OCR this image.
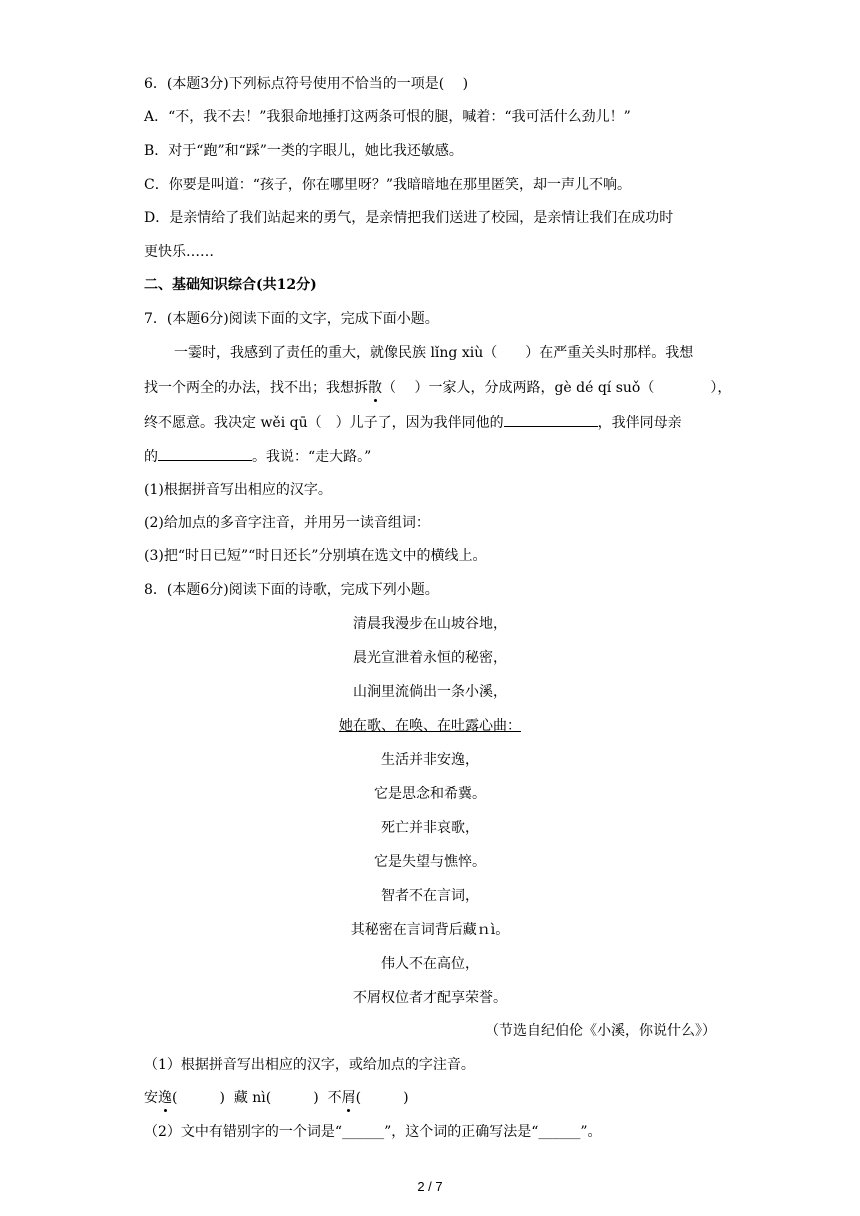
6．(本题3分)下列标点符号使用不恰当的一项是(　 )
A．“不，我不去！”我狠命地捶打这两条可恨的腿，喊着：“我可活什么劲儿！”
B．对于“跑”和“踩”一类的字眼儿，她比我还敏感。
C．你要是叫道：“孩子，你在哪里呀？”我暗暗地在那里匿笑，却一声儿不响。
D．是亲情给了我们站起来的勇气，是亲情把我们送进了校园，是亲情让我们在成功时
更快乐……
二、基础知识综合(共12分)
7．(本题6分)阅读下面的文字，完成下面小题。
一霎时，我感到了责任的重大，就像民族 lǐng xiù（　　）在严重关头时那样。我想
找一个两全的办法，找不出；我想拆散（　 ）一家人，分成两路，gè dé qí suǒ（　　　　），
终不愿意。我决定 wěi qū（　）儿子了，因为我伴同他的	，我伴同母亲
的	。我说：“走大路。”
(1)根据拼音写出相应的汉字。
(2)给加点的多音字注音，并用另一读音组词：
(3)把“时日已短”“时日还长”分别填在选文中的横线上。
8．(本题6分)阅读下面的诗歌，完成下列小题。
清晨我漫步在山坡谷地，
晨光宣泄着永恒的秘密，
山涧里流倘出一条小溪，
她在歌、在唤、在吐露心曲：
生活并非安逸，
它是思念和希冀。
死亡并非哀歌，
它是失望与憔悴。
智者不在言词，
其秘密在言词背后藏ｎì。
伟人不在高位，
不屑权位者才配享荣誉。
（节选自纪伯伦《小溪，你说什么》）
（1）根据拼音写出相应的汉字，或给加点的字注音。
安逸(　　　) 藏 nì(　　　) 不屑(　　　)
（2）文中有错别字的一个词是“______”，这个词的正确写法是“______”。
2 / 7
